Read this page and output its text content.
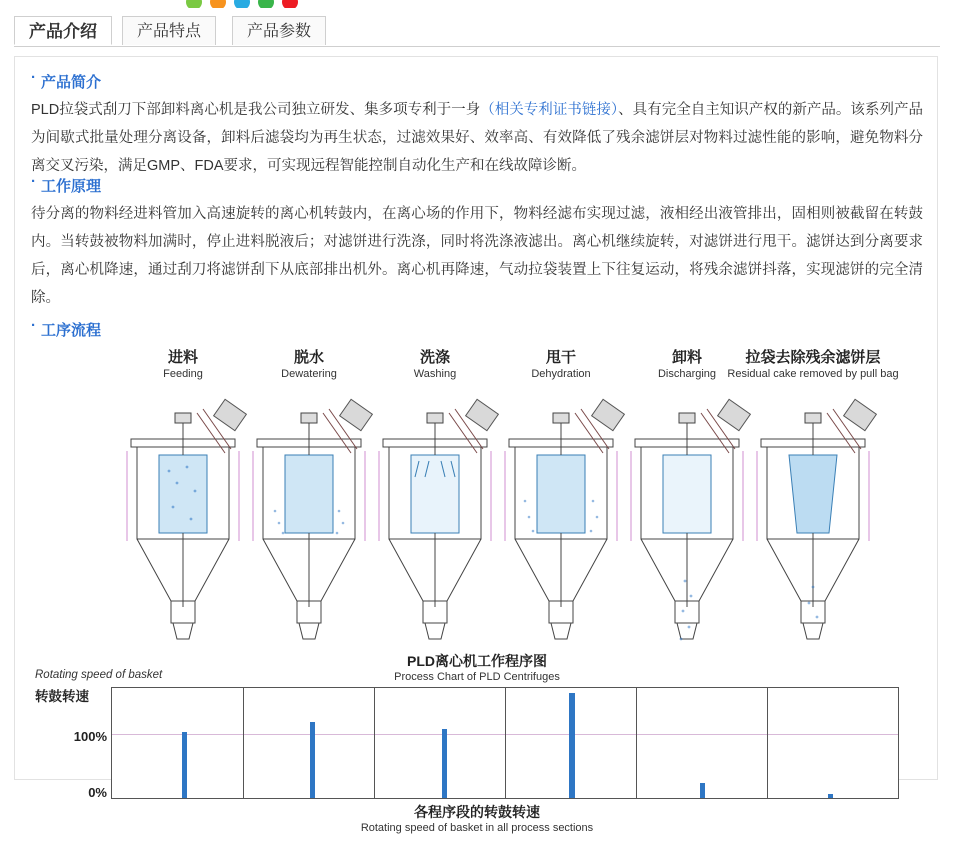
产品介绍	产品特点	产品参数
· 产品简介

PLD拉袋式刮刀下部卸料离心机是我公司独立研发、集多项专利于一身（相关专利证书链接）、具有完全自主知识产权的新产品。该系列产品为间歇式批量处理分离设备，卸料后滤袋均为再生状态，过滤效果好、效率高、有效降低了残余滤饼层对物料过滤性能的影响，避免物料分离交叉污染，满足GMP、FDA要求，可实现远程智能控制自动化生产和在线故障诊断。

· 工作原理

待分离的物料经进料管加入高速旋转的离心机转鼓内，在离心场的作用下，物料经滤布实现过滤，液相经出液管排出，固相则被截留在转鼓内。当转鼓被物料加满时，停止进料脱液后；对滤饼进行洗涤，同时将洗涤液滤出。离心机继续旋转，对滤饼进行甩干。滤饼达到分离要求后，离心机降速，通过刮刀将滤饼刮下从底部排出机外。离心机再降速，气动拉袋装置上下往复运动，将残余滤饼抖落，实现滤饼的完全清除。

· 工序流程
进料
Feeding
脱水
Dewatering
洗涤
Washing
甩干
Dehydration
卸料
Discharging
拉袋去除残余滤饼层
Residual cake removed by pull bag
PLD离心机工作程序图
Process Chart of PLD Centrifuges
Rotating speed of basket
转鼓转速
100%
0%
各程序段的转鼓转速
Rotating speed of basket in all process sections
